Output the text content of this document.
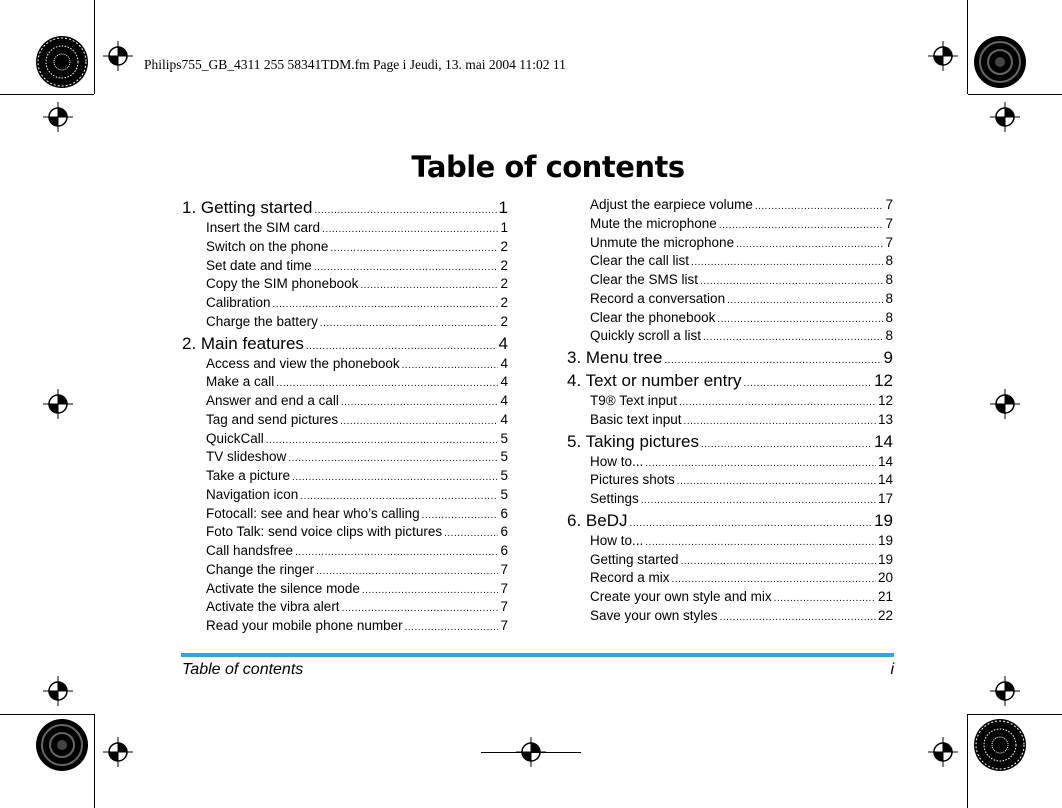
Philips755_GB_4311 255 58341TDM.fm Page i Jeudi, 13. mai 2004 11:02 11
Table of contents
1. Getting started .....	1
Insert the SIM card .....	1
Switch on the phone .....	2
Set date and time .....	2
Copy the SIM phonebook .....	2
Calibration .....	2
Charge the battery .....	2
2. Main features .....	4
Access and view the phonebook .....	4
Make a call .....	4
Answer and end a call .....	4
Tag and send pictures .....	4
QuickCall .....	5
TV slideshow .....	5
Take a picture .....	5
Navigation icon .....	5
Fotocall: see and hear who’s calling .....	6
Foto Talk: send voice clips with pictures .....	6
Call handsfree .....	6
Change the ringer .....	7
Activate the silence mode .....	7
Activate the vibra alert .....	7
Read your mobile phone number .....	7
Adjust the earpiece volume .....	7
Mute the microphone .....	7
Unmute the microphone .....	7
Clear the call list .....	8
Clear the SMS list .....	8
Record a conversation .....	8
Clear the phonebook .....	8
Quickly scroll a list .....	8
3. Menu tree .....	9
4. Text or number entry .....	12
T9® Text input .....	12
Basic text input .....	13
5. Taking pictures .....	14
How to... .....	14
Pictures shots .....	14
Settings .....	17
6. BeDJ .....	19
How to... .....	19
Getting started .....	19
Record a mix .....	20
Create your own style and mix .....	21
Save your own styles .....	22
Table of contents	i
